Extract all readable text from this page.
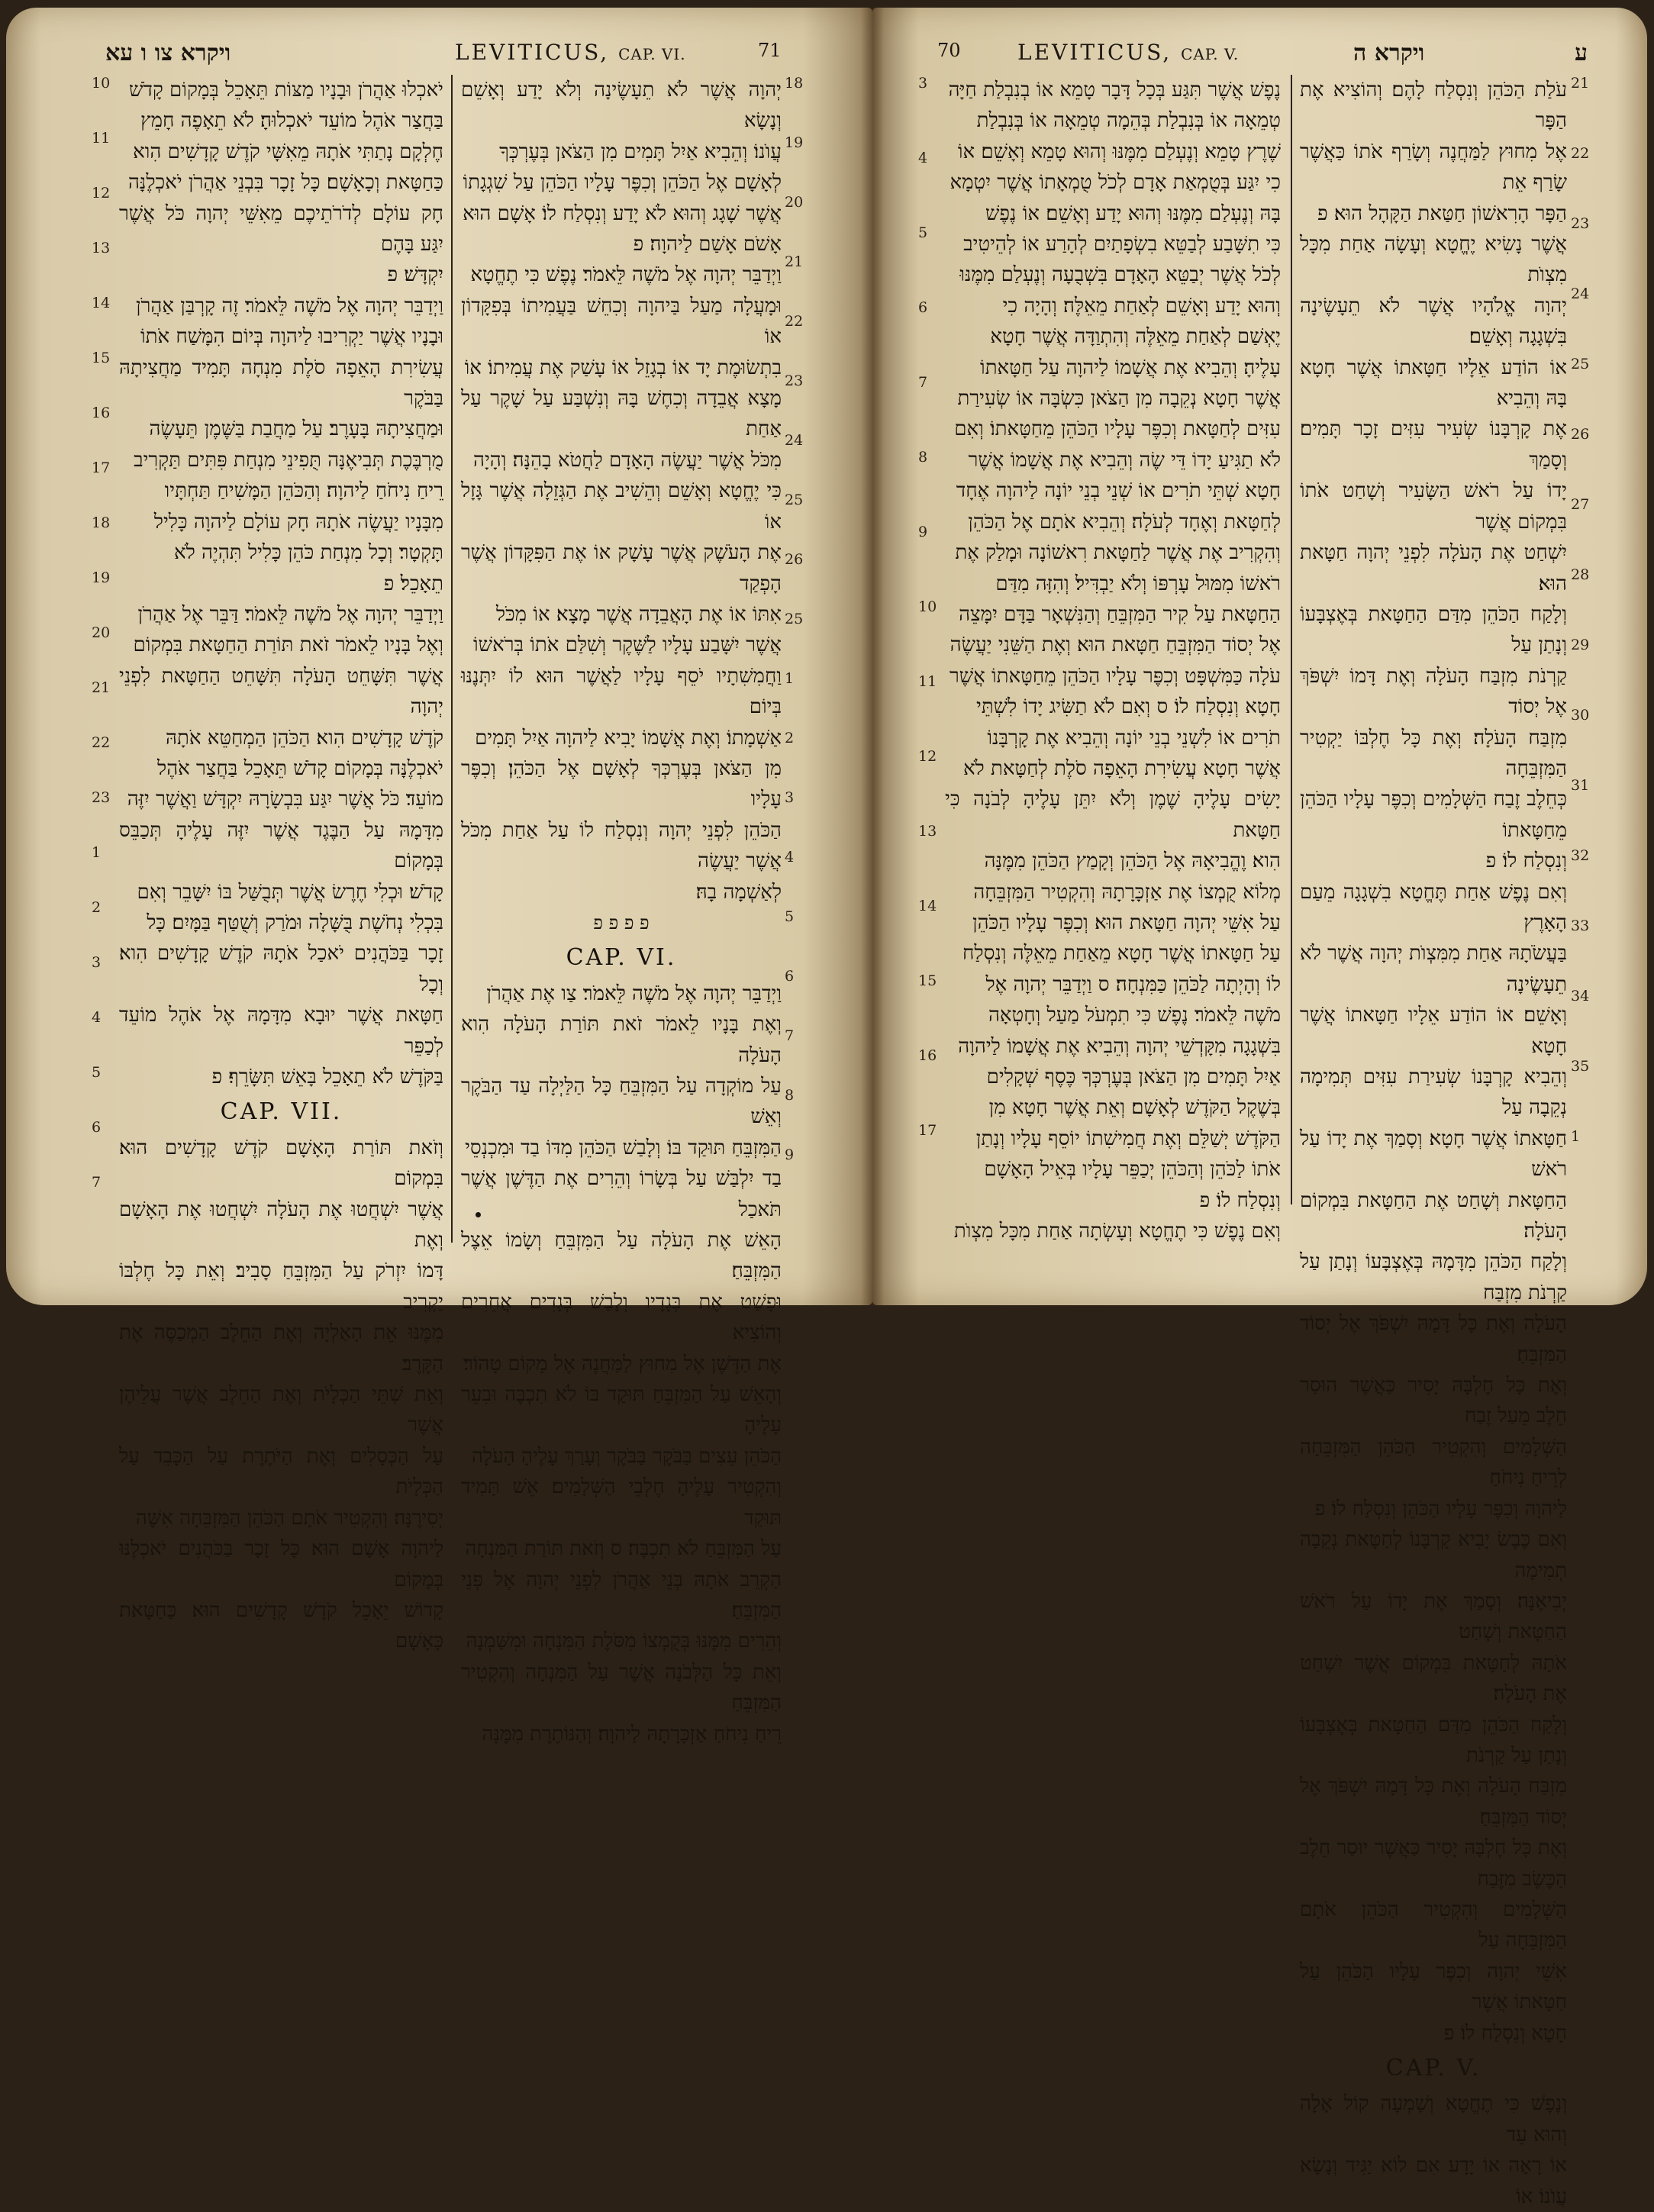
ויקרא צו ו עא	LEVITICUS, CAP. VI.	71

יְהוָה אֲשֶׁר לֹא תֵעָשֶׂינָה וְלֹא יָדַע וְאָשֵׁם וְנָשָׂא

עֲוֺנוֹ׃ וְהֵבִיא אַיִל תָּמִים מִן הַצֹּאן בְּעֶרְכְּךָ

לְאָשָׁם אֶל הַכֹּהֵן וְכִפֶּר עָלָיו הַכֹּהֵן עַל שִׁגְגָתוֹ

אֲשֶׁר שָׁגָג וְהוּא לֹא יָדַע וְנִסְלַח לוֹ׃ אָשָׁם הוּא

אָשֹׁם אָשַׁם לַיהוָה׃ פ

וַיְדַבֵּר יְהוָה אֶל מֹשֶׁה לֵּאמֹר׃ נֶפֶשׁ כִּי תֶחֱטָא

וּמָעֲלָה מַעַל בַּיהוָה וְכִחֵשׁ בַּעֲמִיתוֹ בְּפִקָּדוֹן אוֹ

בִתְשׂוּמֶת יָד אוֹ בְגָזֵל אוֹ עָשַׁק אֶת עֲמִיתוֹ׃ אוֹ

מָצָא אֲבֵדָה וְכִחֶשׁ בָּהּ וְנִשְׁבַּע עַל שָׁקֶר עַל אַחַת

מִכֹּל אֲשֶׁר יַעֲשֶׂה הָאָדָם לַחֲטֹא בָהֵנָּה׃ וְהָיָה

כִּי יֶחֱטָא וְאָשֵׁם וְהֵשִׁיב אֶת הַגְּזֵלָה אֲשֶׁר גָּזָל אוֹ

אֶת הָעֹשֶׁק אֲשֶׁר עָשָׁק אוֹ אֶת הַפִּקָּדוֹן אֲשֶׁר הָפְקַד

אִתּוֹ אוֹ אֶת הָאֲבֵדָה אֲשֶׁר מָצָא׃ אוֹ מִכֹּל

אֲשֶׁר יִשָּׁבַע עָלָיו לַשֶּׁקֶר וְשִׁלַּם אֹתוֹ בְּרֹאשׁוֹ

וַחֲמִשִׁתָיו יֹסֵף עָלָיו לַאֲשֶׁר הוּא לוֹ יִתְּנֶנּוּ בְּיוֹם

אַשְׁמָתוֹ׃ וְאֶת אֲשָׁמוֹ יָבִיא לַיהוָה אַיִל תָּמִים

מִן הַצֹּאן בְּעֶרְכְּךָ לְאָשָׁם אֶל הַכֹּהֵן׃ וְכִפֶּר עָלָיו

הַכֹּהֵן לִפְנֵי יְהוָה וְנִסְלַח לוֹ עַל אַחַת מִכֹּל אֲשֶׁר יַעֲשֶׂה

לְאַשְׁמָה בָהּ׃

פ פ פ פ

CAP. VI.

וַיְדַבֵּר יְהוָה אֶל מֹשֶׁה לֵּאמֹר׃ צַו אֶת אַהֲרֹן

וְאֶת בָּנָיו לֵאמֹר זֹאת תּוֹרַת הָעֹלָה הִוא הָעֹלָה

עַל מוֹקְדָה עַל הַמִּזְבֵּחַ כָּל הַלַּיְלָה עַד הַבֹּקֶר וְאֵשׁ

הַמִּזְבֵּחַ תּוּקַד בּוֹ׃ וְלָבַשׁ הַכֹּהֵן מִדּוֹ בַד וּמִכְנְסֵי

בַד יִלְבַּשׁ עַל בְּשָׂרוֹ וְהֵרִים אֶת הַדֶּשֶׁן אֲשֶׁר תֹּאכַל

הָאֵשׁ אֶת הָעֹלָה עַל הַמִּזְבֵּחַ וְשָׂמוֹ אֵצֶל הַמִּזְבֵּחַ׃

וּפָשַׁט אֶת בְּגָדָיו וְלָבַשׁ בְּגָדִים אֲחֵרִים וְהוֹצִיא

אֶת הַדֶּשֶׁן אֶל מִחוּץ לַמַּחֲנֶה אֶל מָקוֹם טָהוֹר׃

וְהָאֵשׁ עַל הַמִּזְבֵּחַ תּוּקַד בּוֹ לֹא תִכְבֶּה וּבִעֵר עָלֶיהָ

הַכֹּהֵן עֵצִים בַּבֹּקֶר בַּבֹּקֶר וְעָרַךְ עָלֶיהָ הָעֹלָה

וְהִקְטִיר עָלֶיהָ חֶלְבֵי הַשְּׁלָמִים׃ אֵשׁ תָּמִיד תּוּקַד

עַל הַמִּזְבֵּחַ לֹא תִכְבֶּה׃ ס וְזֹאת תּוֹרַת הַמִּנְחָה

הַקְרֵב אֹתָהּ בְּנֵי אַהֲרֹן לִפְנֵי יְהוָה אֶל פְּנֵי הַמִּזְבֵּחַ׃

וְהֵרִים מִמֶּנּוּ בְּקֻמְצוֹ מִסֹּלֶת הַמִּנְחָה וּמִשַּׁמְנָהּ

וְאֵת כָּל הַלְּבֹנָה אֲשֶׁר עַל הַמִּנְחָה וְהִקְטִיר הַמִּזְבֵּחַ

רֵיחַ נִיחֹחַ אַזְכָּרָתָהּ לַיהוָה׃ וְהַנּוֹתֶרֶת מִמֶּנָּה

יֹאכְלוּ אַהֲרֹן וּבָנָיו מַצּוֹת תֵּאָכֵל בְּמָקוֹם קָדֹשׁ

בַּחֲצַר אֹהֶל מוֹעֵד יֹאכְלוּהָ׃ לֹא תֵאָפֶה חָמֵץ

חֶלְקָם נָתַתִּי אֹתָהּ מֵאִשָּׁי קֹדֶשׁ קָדָשִׁים הִוא

כַּחַטָּאת וְכָאָשָׁם׃ כָּל זָכָר בִּבְנֵי אַהֲרֹן יֹאכְלֶנָּה

חָק עוֹלָם לְדֹרֹתֵיכֶם מֵאִשֵּׁי יְהוָה כֹּל אֲשֶׁר יִגַּע בָּהֶם

יִקְדָּשׁ׃ פ

וַיְדַבֵּר יְהוָה אֶל מֹשֶׁה לֵּאמֹר׃ זֶה קָרְבַּן אַהֲרֹן

וּבָנָיו אֲשֶׁר יַקְרִיבוּ לַיהוָה בְּיוֹם הִמָּשַׁח אֹתוֹ

עֲשִׂירִת הָאֵפָה סֹלֶת מִנְחָה תָּמִיד מַחֲצִיתָהּ בַּבֹּקֶר

וּמַחֲצִיתָהּ בָּעָרֶב׃ עַל מַחֲבַת בַּשֶּׁמֶן תֵּעָשֶׂה

מֻרְבֶּכֶת תְּבִיאֶנָּה תֻּפִינֵי מִנְחַת פִּתִּים תַּקְרִיב

רֵיחַ נִיחֹחַ לַיהוָה׃ וְהַכֹּהֵן הַמָּשִׁיחַ תַּחְתָּיו

מִבָּנָיו יַעֲשֶׂה אֹתָהּ חָק עוֹלָם לַיהוָה כָּלִיל

תָּקְטָר׃ וְכָל מִנְחַת כֹּהֵן כָּלִיל תִּהְיֶה לֹא

תֵאָכֵל׃ פ

וַיְדַבֵּר יְהוָה אֶל מֹשֶׁה לֵּאמֹר׃ דַּבֵּר אֶל אַהֲרֹן

וְאֶל בָּנָיו לֵאמֹר זֹאת תּוֹרַת הַחַטָּאת בִּמְקוֹם

אֲשֶׁר תִּשָּׁחֵט הָעֹלָה תִּשָּׁחֵט הַחַטָּאת לִפְנֵי יְהוָה

קֹדֶשׁ קָדָשִׁים הִוא׃ הַכֹּהֵן הַמְחַטֵּא אֹתָהּ

יֹאכְלֶנָּה בְּמָקוֹם קָדֹשׁ תֵּאָכֵל בַּחֲצַר אֹהֶל

מוֹעֵד׃ כֹּל אֲשֶׁר יִגַּע בִּבְשָׂרָהּ יִקְדָּשׁ וַאֲשֶׁר יִזֶּה

מִדָּמָהּ עַל הַבֶּגֶד אֲשֶׁר יִזֶּה עָלֶיהָ תְּכַבֵּס בְּמָקוֹם

קָדֹשׁ׃ וּכְלִי חֶרֶשׂ אֲשֶׁר תְּבֻשַּׁל בּוֹ יִשָּׁבֵר וְאִם

בִּכְלִי נְחֹשֶׁת בֻּשָּׁלָה וּמֹרַק וְשֻׁטַּף בַּמָּיִם׃ כָּל

זָכָר בַּכֹּהֲנִים יֹאכַל אֹתָהּ קֹדֶשׁ קָדָשִׁים הִוא׃ וְכָל

חַטָּאת אֲשֶׁר יוּבָא מִדָּמָהּ אֶל אֹהֶל מוֹעֵד לְכַפֵּר

בַּקֹּדֶשׁ לֹא תֵאָכֵל בָּאֵשׁ תִּשָּׂרֵף׃ פ

CAP. VII.

וְזֹאת תּוֹרַת הָאָשָׁם קֹדֶשׁ קָדָשִׁים הוּא׃ בִּמְקוֹם

אֲשֶׁר יִשְׁחֲטוּ אֶת הָעֹלָה יִשְׁחֲטוּ אֶת הָאָשָׁם וְאֶת

דָּמוֹ יִזְרֹק עַל הַמִּזְבֵּחַ סָבִיב׃ וְאֵת כָּל חֶלְבּוֹ יַקְרִיב

מִמֶּנּוּ אֵת הָאַלְיָה וְאֶת הַחֵלֶב הַמְכַסֶּה אֶת הַקֶּרֶב׃

וְאֵת שְׁתֵּי הַכְּלָיֹת וְאֶת הַחֵלֶב אֲשֶׁר עֲלֵיהֶן אֲשֶׁר

עַל הַכְּסָלִים וְאֶת הַיֹּתֶרֶת עַל הַכָּבֵד עַל הַכְּלָיֹת

יְסִירֶנָּה׃ וְהִקְטִיר אֹתָם הַכֹּהֵן הַמִּזְבֵּחָה אִשֶּׁה

לַיהוָה אָשָׁם הוּא׃ כָּל זָכָר בַּכֹּהֲנִים יֹאכְלֶנּוּ בְּמָקוֹם

קָדוֹשׁ יֵאָכֵל קֹדֶשׁ קָדָשִׁים הוּא׃ כַּחַטָּאת כָּאָשָׁם

18
19
20
21
22
23
24
25
26
25
1
2
3
4
5
6
7
8
9
10
11
12
13
14
15
16
17
18
19
20
21
22
23
1
2
3
4
5
6
7
70	LEVITICUS, CAP. V.	ויקרא ה	ע

עֹלַת הַכֹּהֵן וְנִסְלַח לָהֶם׃ וְהוֹצִיא אֶת הַפָּר

אֶל מִחוּץ לַמַּחֲנֶה וְשָׂרַף אֹתוֹ כַּאֲשֶׁר שָׂרַף אֵת

הַפָּר הָרִאשׁוֹן חַטַּאת הַקָּהָל הוּא׃ פ

אֲשֶׁר נָשִׂיא יֶחֱטָא וְעָשָׂה אַחַת מִכָּל מִצְוֺת

יְהוָה אֱלֹהָיו אֲשֶׁר לֹא תֵעָשֶׂינָה בִּשְׁגָגָה וְאָשֵׁם׃

אוֹ הוֹדַע אֵלָיו חַטָּאתוֹ אֲשֶׁר חָטָא בָּהּ וְהֵבִיא

אֶת קָרְבָּנוֹ שְׂעִיר עִזִּים זָכָר תָּמִים׃ וְסָמַךְ

יָדוֹ עַל רֹאשׁ הַשָּׂעִיר וְשָׁחַט אֹתוֹ בִּמְקוֹם אֲשֶׁר

יִשְׁחַט אֶת הָעֹלָה לִפְנֵי יְהוָה חַטָּאת הוּא׃

וְלָקַח הַכֹּהֵן מִדַּם הַחַטָּאת בְּאֶצְבָּעוֹ וְנָתַן עַל

קַרְנֹת מִזְבַּח הָעֹלָה וְאֶת דָּמוֹ יִשְׁפֹּךְ אֶל יְסוֹד

מִזְבַּח הָעֹלָה׃ וְאֶת כָּל חֶלְבּוֹ יַקְטִיר הַמִּזְבֵּחָה

כְּחֵלֶב זֶבַח הַשְּׁלָמִים וְכִפֶּר עָלָיו הַכֹּהֵן מֵחַטָּאתוֹ

וְנִסְלַח לוֹ׃ פ

וְאִם נֶפֶשׁ אַחַת תֶּחֱטָא בִשְׁגָגָה מֵעַם הָאָרֶץ

בַּעֲשֹׂתָהּ אַחַת מִמִּצְוֺת יְהוָה אֲשֶׁר לֹא תֵעָשֶׂינָה

וְאָשֵׁם׃ אוֹ הוֹדַע אֵלָיו חַטָּאתוֹ אֲשֶׁר חָטָא

וְהֵבִיא קָרְבָּנוֹ שְׂעִירַת עִזִּים תְּמִימָה נְקֵבָה עַל

חַטָּאתוֹ אֲשֶׁר חָטָא׃ וְסָמַךְ אֶת יָדוֹ עַל רֹאשׁ

הַחַטָּאת וְשָׁחַט אֶת הַחַטָּאת בִּמְקוֹם הָעֹלָה׃

וְלָקַח הַכֹּהֵן מִדָּמָהּ בְּאֶצְבָּעוֹ וְנָתַן עַל קַרְנֹת מִזְבַּח

הָעֹלָה וְאֶת כָּל דָּמָהּ יִשְׁפֹּךְ אֶל יְסוֹד הַמִּזְבֵּחַ׃

וְאֶת כָּל חֶלְבָּהּ יָסִיר כַּאֲשֶׁר הוּסַר חֵלֶב מֵעַל זֶבַח

הַשְּׁלָמִים וְהִקְטִיר הַכֹּהֵן הַמִּזְבֵּחָה לְרֵיחַ נִיחֹחַ

לַיהוָה וְכִפֶּר עָלָיו הַכֹּהֵן וְנִסְלַח לוֹ׃ פ

וְאִם כֶּבֶשׂ יָבִיא קָרְבָּנוֹ לְחַטָּאת נְקֵבָה תְמִימָה

יְבִיאֶנָּה׃ וְסָמַךְ אֶת יָדוֹ עַל רֹאשׁ הַחַטָּאת וְשָׁחַט

אֹתָהּ לְחַטָּאת בִּמְקוֹם אֲשֶׁר יִשְׁחַט אֶת הָעֹלָה׃

וְלָקַח הַכֹּהֵן מִדַּם הַחַטָּאת בְּאֶצְבָּעוֹ וְנָתַן עַל קַרְנֹת

מִזְבַּח הָעֹלָה וְאֶת כָּל דָּמָהּ יִשְׁפֹּךְ אֶל יְסוֹד הַמִּזְבֵּחַ׃

וְאֶת כָּל חֶלְבָּהּ יָסִיר כַּאֲשֶׁר יוּסַר חֵלֶב הַכֶּשֶׂב מִזֶּבַח

הַשְּׁלָמִים וְהִקְטִיר הַכֹּהֵן אֹתָם הַמִּזְבֵּחָה עַל

אִשֵּׁי יְהוָה וְכִפֶּר עָלָיו הַכֹּהֵן עַל חַטָּאתוֹ אֲשֶׁר

חָטָא וְנִסְלַח לוֹ׃ פ

CAP. V.

וְנֶפֶשׁ כִּי תֶחֱטָא וְשָׁמְעָה קוֹל אָלָה וְהוּא עֵד

אוֹ רָאָה אוֹ יָדָע אִם לוֹא יַגִּיד וְנָשָׂא עֲוֺנוֹ׃ אוֹ

נֶפֶשׁ אֲשֶׁר תִּגַּע בְּכָל דָּבָר טָמֵא אוֹ בְנִבְלַת חַיָּה

טְמֵאָה אוֹ בְּנִבְלַת בְּהֵמָה טְמֵאָה אוֹ בְּנִבְלַת

שֶׁרֶץ טָמֵא וְנֶעְלַם מִמֶּנּוּ וְהוּא טָמֵא וְאָשֵׁם׃ אוֹ

כִי יִגַּע בְּטֻמְאַת אָדָם לְכֹל טֻמְאָתוֹ אֲשֶׁר יִטְמָא

בָּהּ וְנֶעְלַם מִמֶּנּוּ וְהוּא יָדַע וְאָשֵׁם׃ אוֹ נֶפֶשׁ

כִּי תִשָּׁבַע לְבַטֵּא בִשְׂפָתַיִם לְהָרַע אוֹ לְהֵיטִיב

לְכֹל אֲשֶׁר יְבַטֵּא הָאָדָם בִּשְׁבֻעָה וְנֶעְלַם מִמֶּנּוּ

וְהוּא יָדַע וְאָשֵׁם לְאַחַת מֵאֵלֶּה׃ וְהָיָה כִי

יֶאְשַׁם לְאַחַת מֵאֵלֶּה וְהִתְוַדָּה אֲשֶׁר חָטָא

עָלֶיהָ׃ וְהֵבִיא אֶת אֲשָׁמוֹ לַיהוָה עַל חַטָּאתוֹ

אֲשֶׁר חָטָא נְקֵבָה מִן הַצֹּאן כִּשְׂבָּה אוֹ שְׂעִירַת

עִזִּים לְחַטָּאת וְכִפֶּר עָלָיו הַכֹּהֵן מֵחַטָּאתוֹ׃ וְאִם

לֹא תַגִּיעַ יָדוֹ דֵּי שֶׂה וְהֵבִיא אֶת אֲשָׁמוֹ אֲשֶׁר

חָטָא שְׁתֵּי תֹרִים אוֹ שְׁנֵי בְנֵי יוֹנָה לַיהוָה אֶחָד

לְחַטָּאת וְאֶחָד לְעֹלָה׃ וְהֵבִיא אֹתָם אֶל הַכֹּהֵן

וְהִקְרִיב אֶת אֲשֶׁר לַחַטָּאת רִאשׁוֹנָה וּמָלַק אֶת

רֹאשׁוֹ מִמּוּל עָרְפּוֹ וְלֹא יַבְדִּיל׃ וְהִזָּה מִדַּם

הַחַטָּאת עַל קִיר הַמִּזְבֵּחַ וְהַנִּשְׁאָר בַּדָּם יִמָּצֵה

אֶל יְסוֹד הַמִּזְבֵּחַ חַטָּאת הוּא׃ וְאֶת הַשֵּׁנִי יַעֲשֶׂה

עֹלָה כַּמִּשְׁפָּט וְכִפֶּר עָלָיו הַכֹּהֵן מֵחַטָּאתוֹ אֲשֶׁר

חָטָא וְנִסְלַח לוֹ׃ ס וְאִם לֹא תַשִּׂיג יָדוֹ לִשְׁתֵּי

תֹרִים אוֹ לִשְׁנֵי בְנֵי יוֹנָה וְהֵבִיא אֶת קָרְבָּנוֹ

אֲשֶׁר חָטָא עֲשִׂירִת הָאֵפָה סֹלֶת לְחַטָּאת לֹא

יָשִׂים עָלֶיהָ שֶׁמֶן וְלֹא יִתֵּן עָלֶיהָ לְבֹנָה כִּי חַטָּאת

הִוא׃ וֶהֱבִיאָהּ אֶל הַכֹּהֵן וְקָמַץ הַכֹּהֵן מִמֶּנָּה

מְלוֹא קֻמְצוֹ אֶת אַזְכָּרָתָהּ וְהִקְטִיר הַמִּזְבֵּחָה

עַל אִשֵּׁי יְהוָה חַטָּאת הוּא׃ וְכִפֶּר עָלָיו הַכֹּהֵן

עַל חַטָּאתוֹ אֲשֶׁר חָטָא מֵאַחַת מֵאֵלֶּה וְנִסְלַח

לוֹ וְהָיְתָה לַכֹּהֵן כַּמִּנְחָה׃ ס וַיְדַבֵּר יְהוָה אֶל

מֹשֶׁה לֵּאמֹר׃ נֶפֶשׁ כִּי תִמְעֹל מַעַל וְחָטְאָה

בִּשְׁגָגָה מִקָּדְשֵׁי יְהוָה וְהֵבִיא אֶת אֲשָׁמוֹ לַיהוָה

אַיִל תָּמִים מִן הַצֹּאן בְּעֶרְכְּךָ כֶּסֶף שְׁקָלִים

בְּשֶׁקֶל הַקֹּדֶשׁ לְאָשָׁם׃ וְאֵת אֲשֶׁר חָטָא מִן

הַקֹּדֶשׁ יְשַׁלֵּם וְאֶת חֲמִישִׁתוֹ יוֹסֵף עָלָיו וְנָתַן

אֹתוֹ לַכֹּהֵן וְהַכֹּהֵן יְכַפֵּר עָלָיו בְּאֵיל הָאָשָׁם

וְנִסְלַח לוֹ׃ פ

וְאִם נֶפֶשׁ כִּי תֶחֱטָא וְעָשְׂתָה אַחַת מִכָּל מִצְוֺת

21
22
23
24
25
26
27
28
29
30
31
32
33
34
35
1
3
4
5
6
7
8
9
10
11
12
13
14
15
16
17
